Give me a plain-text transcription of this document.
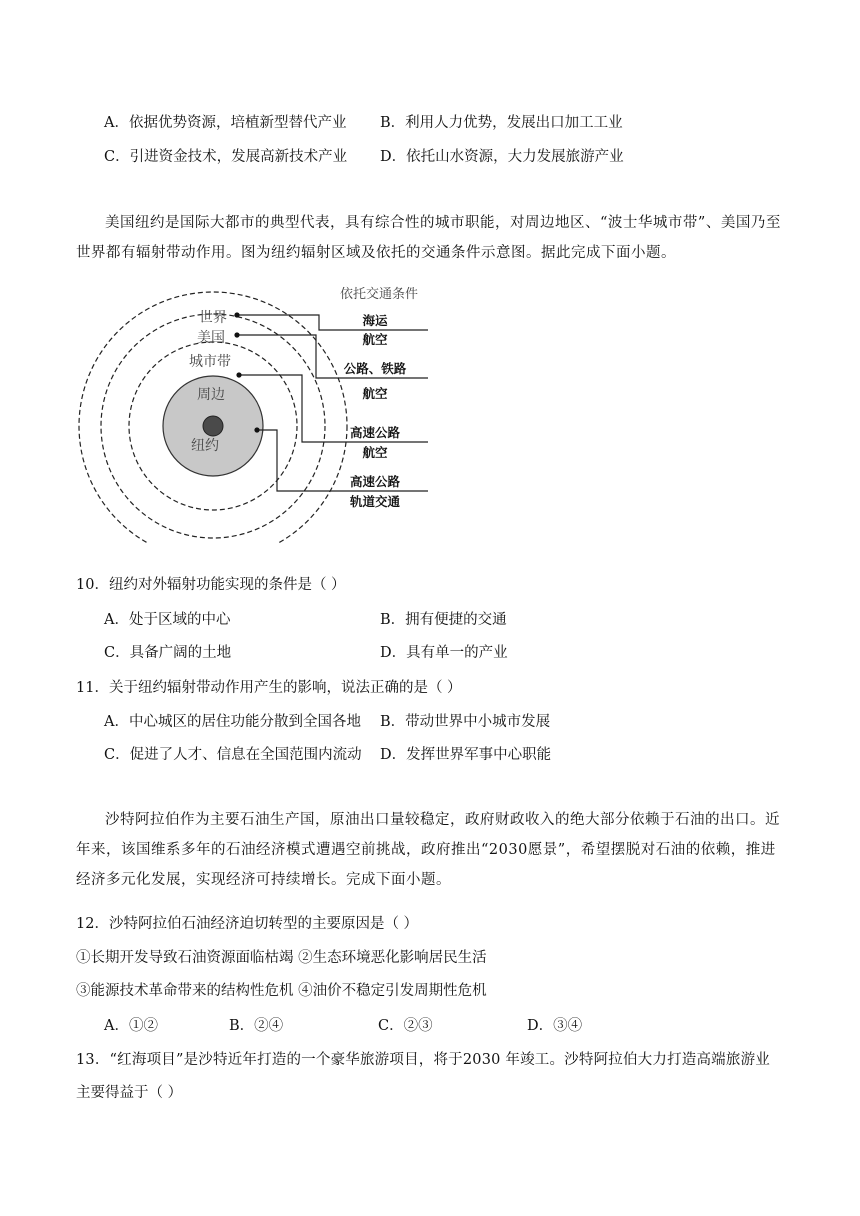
A．依据优势资源，培植新型替代产业 B．利用人力优势，发展出口加工工业
C．引进资金技术，发展高新技术产业 D．依托山水资源，大力发展旅游产业

美国纽约是国际大都市的典型代表，具有综合性的城市职能，对周边地区、“波士华城市带”、美国乃至世界都有辐射带动作用。图为纽约辐射区域及依托的交通条件示意图。据此完成下面小题。

世界
美国
城市带
周边
纽约
依托交通条件
海运
航空
公路、铁路
航空
高速公路
航空
高速公路
轨道交通
10．纽约对外辐射功能实现的条件是（ ）
A．处于区域的中心	B．拥有便捷的交通
C．具备广阔的土地	D．具有单一的产业
11．关于纽约辐射带动作用产生的影响，说法正确的是（ ）
A．中心城区的居住功能分散到全国各地 B．带动世界中小城市发展
C．促进了人才、信息在全国范围内流动 D．发挥世界军事中心职能

沙特阿拉伯作为主要石油生产国，原油出口量较稳定，政府财政收入的绝大部分依赖于石油的出口。近年来，该国维系多年的石油经济模式遭遇空前挑战，政府推出“2030愿景”，希望摆脱对石油的依赖，推进经济多元化发展，实现经济可持续增长。完成下面小题。

12．沙特阿拉伯石油经济迫切转型的主要原因是（ ）
①长期开发导致石油资源面临枯竭 ②生态环境恶化影响居民生活
③能源技术革命带来的结构性危机 ④油价不稳定引发周期性危机
A．①②	B．②④	C．②③	D．③④
13．“红海项目”是沙特近年打造的一个豪华旅游项目，将于2030 年竣工。沙特阿拉伯大力打造高端旅游业
主要得益于（ ）
